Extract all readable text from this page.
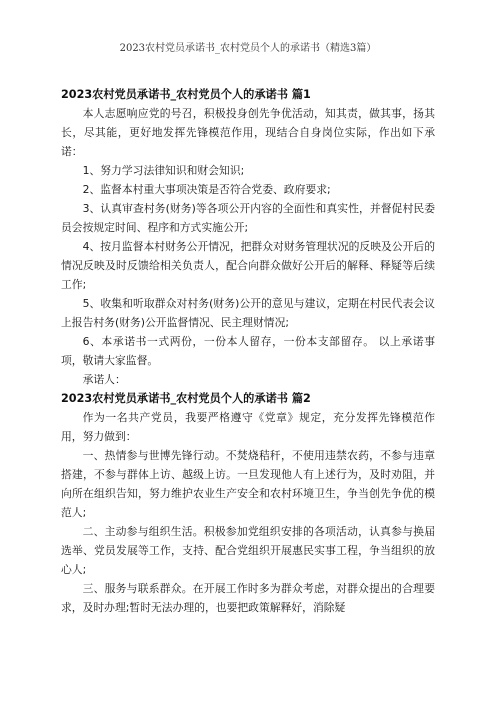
2023农村党员承诺书_农村党员个人的承诺书（精选3篇）

2023农村党员承诺书_农村党员个人的承诺书 篇1

本人志愿响应党的号召，积极投身创先争优活动，知其责，做其事，扬其长，尽其能，更好地发挥先锋模范作用，现结合自身岗位实际，作出如下承诺：

1、努力学习法律知识和财会知识;

2、监督本村重大事项决策是否符合党委、政府要求;

3、认真审查村务(财务)等各项公开内容的全面性和真实性，并督促村民委员会按规定时间、程序和方式实施公开;

4、按月监督本村财务公开情况，把群众对财务管理状况的反映及公开后的情况反映及时反馈给相关负责人，配合向群众做好公开后的解释、释疑等后续工作;

5、收集和听取群众对村务(财务)公开的意见与建议，定期在村民代表会议上报告村务(财务)公开监督情况、民主理财情况;

6、本承诺书一式两份，一份本人留存，一份本支部留存。 以上承诺事项，敬请大家监督。

承诺人：

2023农村党员承诺书_农村党员个人的承诺书 篇2

作为一名共产党员，我要严格遵守《党章》规定，充分发挥先锋模范作用，努力做到：

一、热情参与世博先锋行动。不焚烧秸秆，不使用违禁农药，不参与违章搭建，不参与群体上访、越级上访。一旦发现他人有上述行为，及时劝阻，并向所在组织告知，努力维护农业生产安全和农村环境卫生，争当创先争优的模范人;

二、主动参与组织生活。积极参加党组织安排的各项活动，认真参与换届选举、党员发展等工作，支持、配合党组织开展惠民实事工程，争当组织的放心人;

三、服务与联系群众。在开展工作时多为群众考虑，对群众提出的合理要求，及时办理;暂时无法办理的，也要把政策解释好，消除疑
